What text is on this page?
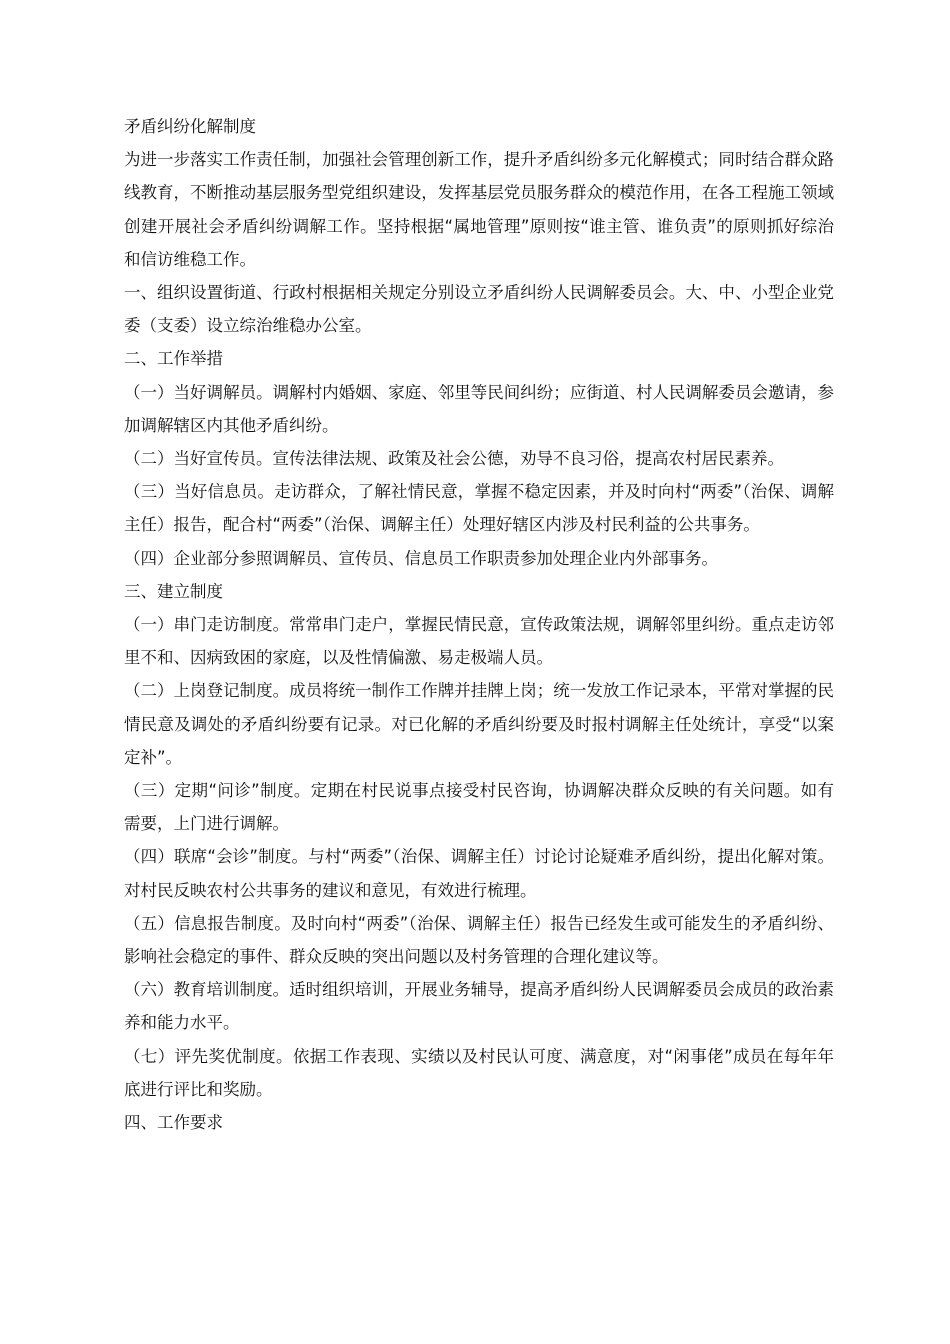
矛盾纠纷化解制度

为进一步落实工作责任制，加强社会管理创新工作，提升矛盾纠纷多元化解模式；同时结合群众路线教育，不断推动基层服务型党组织建设，发挥基层党员服务群众的模范作用，在各工程施工领域创建开展社会矛盾纠纷调解工作。坚持根据“属地管理”原则按“谁主管、谁负责”的原则抓好综治和信访维稳工作。

一、组织设置街道、行政村根据相关规定分别设立矛盾纠纷人民调解委员会。大、中、小型企业党委（支委）设立综治维稳办公室。

二、工作举措

（一）当好调解员。调解村内婚姻、家庭、邻里等民间纠纷；应街道、村人民调解委员会邀请，参加调解辖区内其他矛盾纠纷。

（二）当好宣传员。宣传法律法规、政策及社会公德，劝导不良习俗，提高农村居民素养。

（三）当好信息员。走访群众，了解社情民意，掌握不稳定因素，并及时向村“两委”（治保、调解主任）报告，配合村“两委”（治保、调解主任）处理好辖区内涉及村民利益的公共事务。

（四）企业部分参照调解员、宣传员、信息员工作职责参加处理企业内外部事务。

三、建立制度

（一）串门走访制度。常常串门走户，掌握民情民意，宣传政策法规，调解邻里纠纷。重点走访邻里不和、因病致困的家庭，以及性情偏激、易走极端人员。

（二）上岗登记制度。成员将统一制作工作牌并挂牌上岗；统一发放工作记录本，平常对掌握的民情民意及调处的矛盾纠纷要有记录。对已化解的矛盾纠纷要及时报村调解主任处统计，享受“以案定补”。

（三）定期“问诊”制度。定期在村民说事点接受村民咨询，协调解决群众反映的有关问题。如有需要，上门进行调解。

（四）联席“会诊”制度。与村“两委”（治保、调解主任）讨论讨论疑难矛盾纠纷，提出化解对策。对村民反映农村公共事务的建议和意见，有效进行梳理。

（五）信息报告制度。及时向村“两委”（治保、调解主任）报告已经发生或可能发生的矛盾纠纷、影响社会稳定的事件、群众反映的突出问题以及村务管理的合理化建议等。

（六）教育培训制度。适时组织培训，开展业务辅导，提高矛盾纠纷人民调解委员会成员的政治素养和能力水平。

（七）评先奖优制度。依据工作表现、实绩以及村民认可度、满意度，对“闲事佬”成员在每年年底进行评比和奖励。

四、工作要求
